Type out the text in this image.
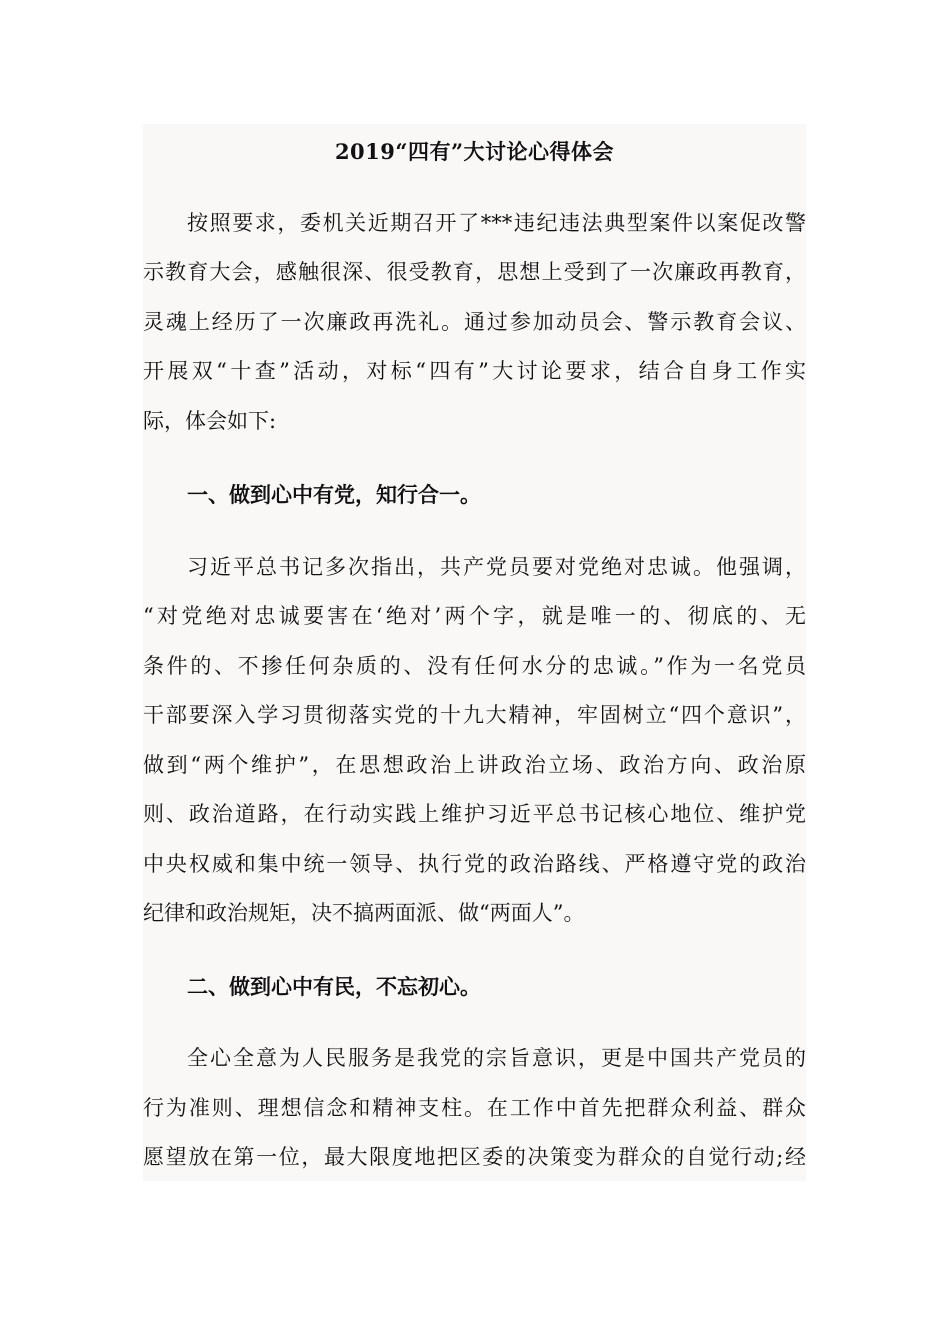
2019“四有”大讨论心得体会
按照要求，委机关近期召开了***违纪违法典型案件以案促改警
示教育大会，感触很深、很受教育，思想上受到了一次廉政再教育，
灵魂上经历了一次廉政再洗礼。通过参加动员会、警示教育会议、
开展双“十查”活动，对标“四有”大讨论要求，结合自身工作实
际，体会如下:
一、做到心中有党，知行合一。
习近平总书记多次指出，共产党员要对党绝对忠诚。他强调，
“对党绝对忠诚要害在‘绝对’两个字，就是唯一的、彻底的、无
条件的、不掺任何杂质的、没有任何水分的忠诚。”作为一名党员
干部要深入学习贯彻落实党的十九大精神，牢固树立“四个意识”，
做到“两个维护”，在思想政治上讲政治立场、政治方向、政治原
则、政治道路，在行动实践上维护习近平总书记核心地位、维护党
中央权威和集中统一领导、执行党的政治路线、严格遵守党的政治
纪律和政治规矩，决不搞两面派、做“两面人”。
二、做到心中有民，不忘初心。
全心全意为人民服务是我党的宗旨意识，更是中国共产党员的
行为准则、理想信念和精神支柱。在工作中首先把群众利益、群众
愿望放在第一位，最大限度地把区委的决策变为群众的自觉行动;经
